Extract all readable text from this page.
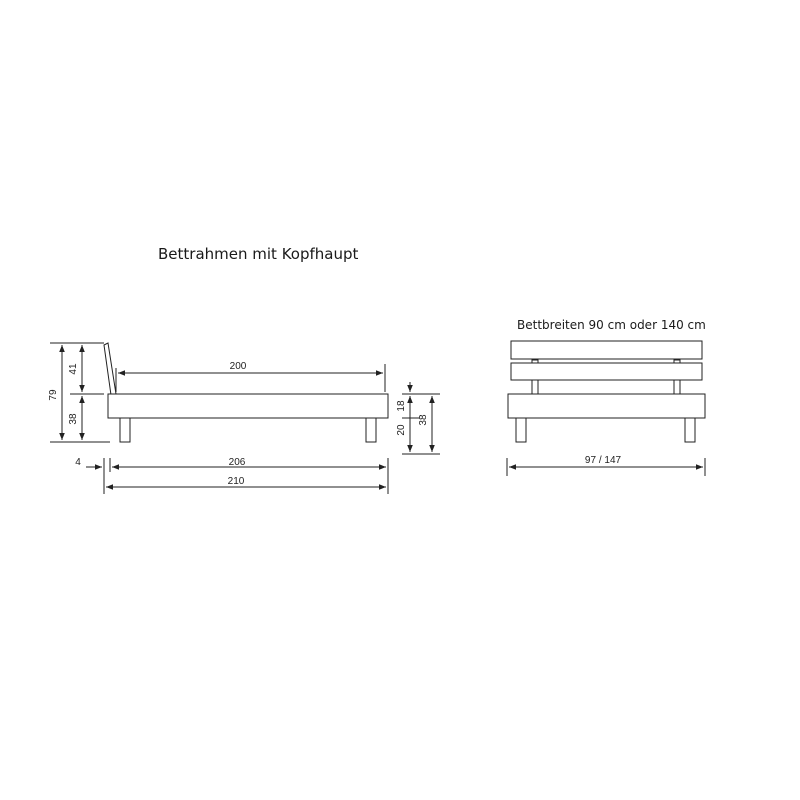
Bettrahmen mit Kopfhaupt
Bettbreiten 90 cm oder 140 cm
79
41
38
200
4	206
210
18
20
38
97 / 147
